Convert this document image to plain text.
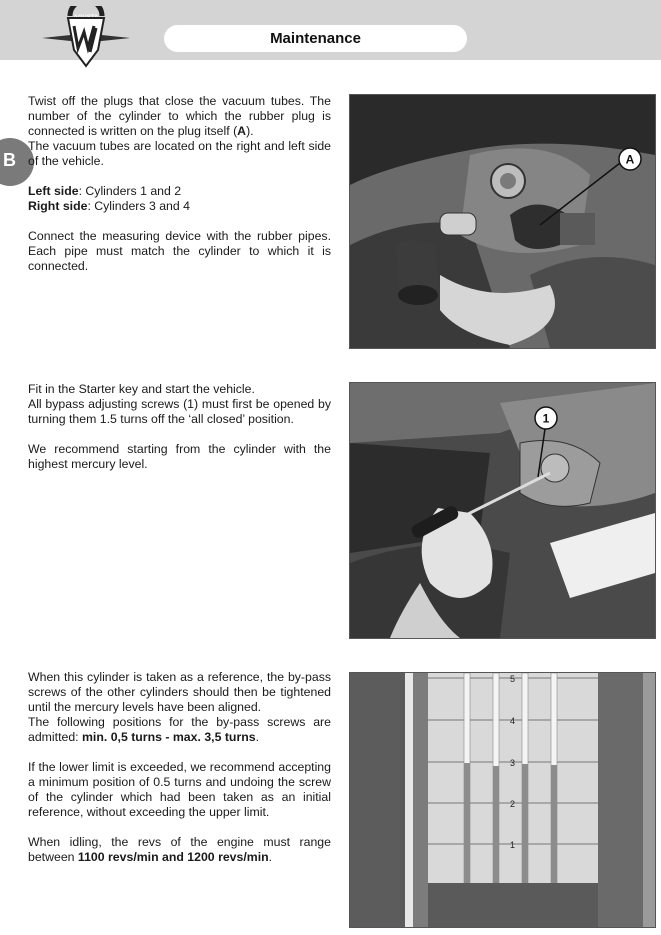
Maintenance
B

Twist off the plugs that close the vacuum tubes. The number of the cylinder to which the rubber plug is connected is written on the plug itself (A).

The vacuum tubes are located on the right and left side of the vehicle.

Left side: Cylinders 1 and 2

Right side: Cylinders 3 and 4

Connect the measuring device with the rubber pipes. Each pipe must match the cylinder to which it is connected.

Fit in the Starter key and start the vehicle.

All bypass adjusting screws (1) must first be opened by turning them 1.5 turns off the ‘all closed’ position.

We recommend starting from the cylinder with the highest mercury level.

When this cylinder is taken as a reference, the by-pass screws of the other cylinders should then be tightened until the mercury levels have been aligned.

The following positions for the by-pass screws are admitted: min. 0,5 turns - max. 3,5 turns.

If the lower limit is exceeded, we recommend accepting a minimum position of 0.5 turns and undoing the screw of the cylinder which had been taken as an initial reference, without exceeding the upper limit.

When idling, the revs of the engine must range between 1100 revs/min and 1200 revs/min.

A
1
5
4
3
2
1
